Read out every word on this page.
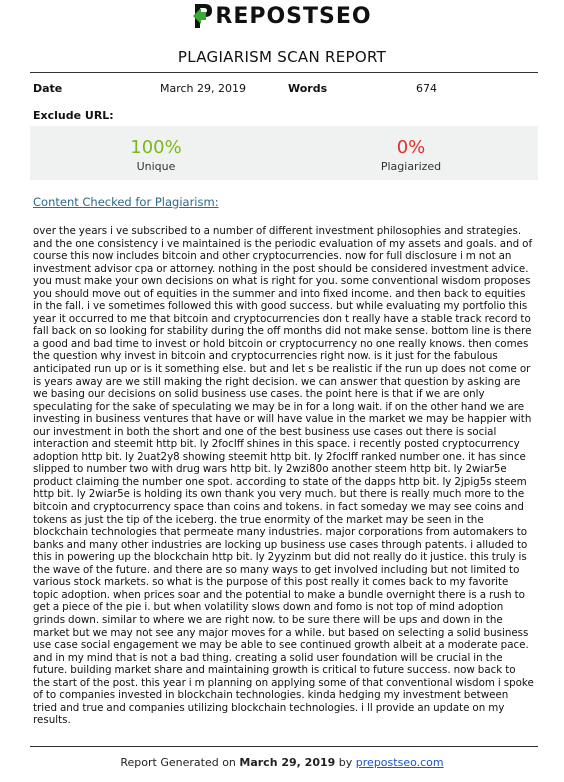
REPOSTSEO
PLAGIARISM SCAN REPORT
Date	March 29, 2019	Words	674
Exclude URL:
100%
Unique
0%
Plagiarized
Content Checked for Plagiarism:
over the years i ve subscribed to a number of different investment philosophies and strategies. and the one consistency i ve maintained is the periodic evaluation of my assets and goals. and of course this now includes bitcoin and other cryptocurrencies. now for full disclosure i m not an investment advisor cpa or attorney. nothing in the post should be considered investment advice. you must make your own decisions on what is right for you. some conventional wisdom proposes you should move out of equities in the summer and into fixed income. and then back to equities in the fall. i ve sometimes followed this with good success. but while evaluating my portfolio this year it occurred to me that bitcoin and cryptocurrencies don t really have a stable track record to fall back on so looking for stability during the off months did not make sense. bottom line is there a good and bad time to invest or hold bitcoin or cryptocurrency no one really knows. then comes the question why invest in bitcoin and cryptocurrencies right now. is it just for the fabulous anticipated run up or is it something else. but and let s be realistic if the run up does not come or is years away are we still making the right decision. we can answer that question by asking are we basing our decisions on solid business use cases. the point here is that if we are only speculating for the sake of speculating we may be in for a long wait. if on the other hand we are investing in business ventures that have or will have value in the market we may be happier with our investment in both the short and one of the best business use cases out there is social interaction and steemit http bit. ly 2foclff shines in this space. i recently posted cryptocurrency adoption http bit. ly 2uat2y8 showing steemit http bit. ly 2foclff ranked number one. it has since slipped to number two with drug wars http bit. ly 2wzi80o another steem http bit. ly 2wiar5e product claiming the number one spot. according to state of the dapps http bit. ly 2jpig5s steem http bit. ly 2wiar5e is holding its own thank you very much. but there is really much more to the bitcoin and cryptocurrency space than coins and tokens. in fact someday we may see coins and tokens as just the tip of the iceberg. the true enormity of the market may be seen in the blockchain technologies that permeate many industries. major corporations from automakers to banks and many other industries are locking up business use cases through patents. i alluded to this in powering up the blockchain http bit. ly 2yyzinm but did not really do it justice. this truly is the wave of the future. and there are so many ways to get involved including but not limited to various stock markets. so what is the purpose of this post really it comes back to my favorite topic adoption. when prices soar and the potential to make a bundle overnight there is a rush to get a piece of the pie i. but when volatility slows down and fomo is not top of mind adoption grinds down. similar to where we are right now. to be sure there will be ups and down in the market but we may not see any major moves for a while. but based on selecting a solid business use case social engagement we may be able to see continued growth albeit at a moderate pace. and in my mind that is not a bad thing. creating a solid user foundation will be crucial in the future. building market share and maintaining growth is critical to future success. now back to the start of the post. this year i m planning on applying some of that conventional wisdom i spoke of to companies invested in blockchain technologies. kinda hedging my investment between tried and true and companies utilizing blockchain technologies. i ll provide an update on my results.
Report Generated on March 29, 2019 by prepostseo.com
